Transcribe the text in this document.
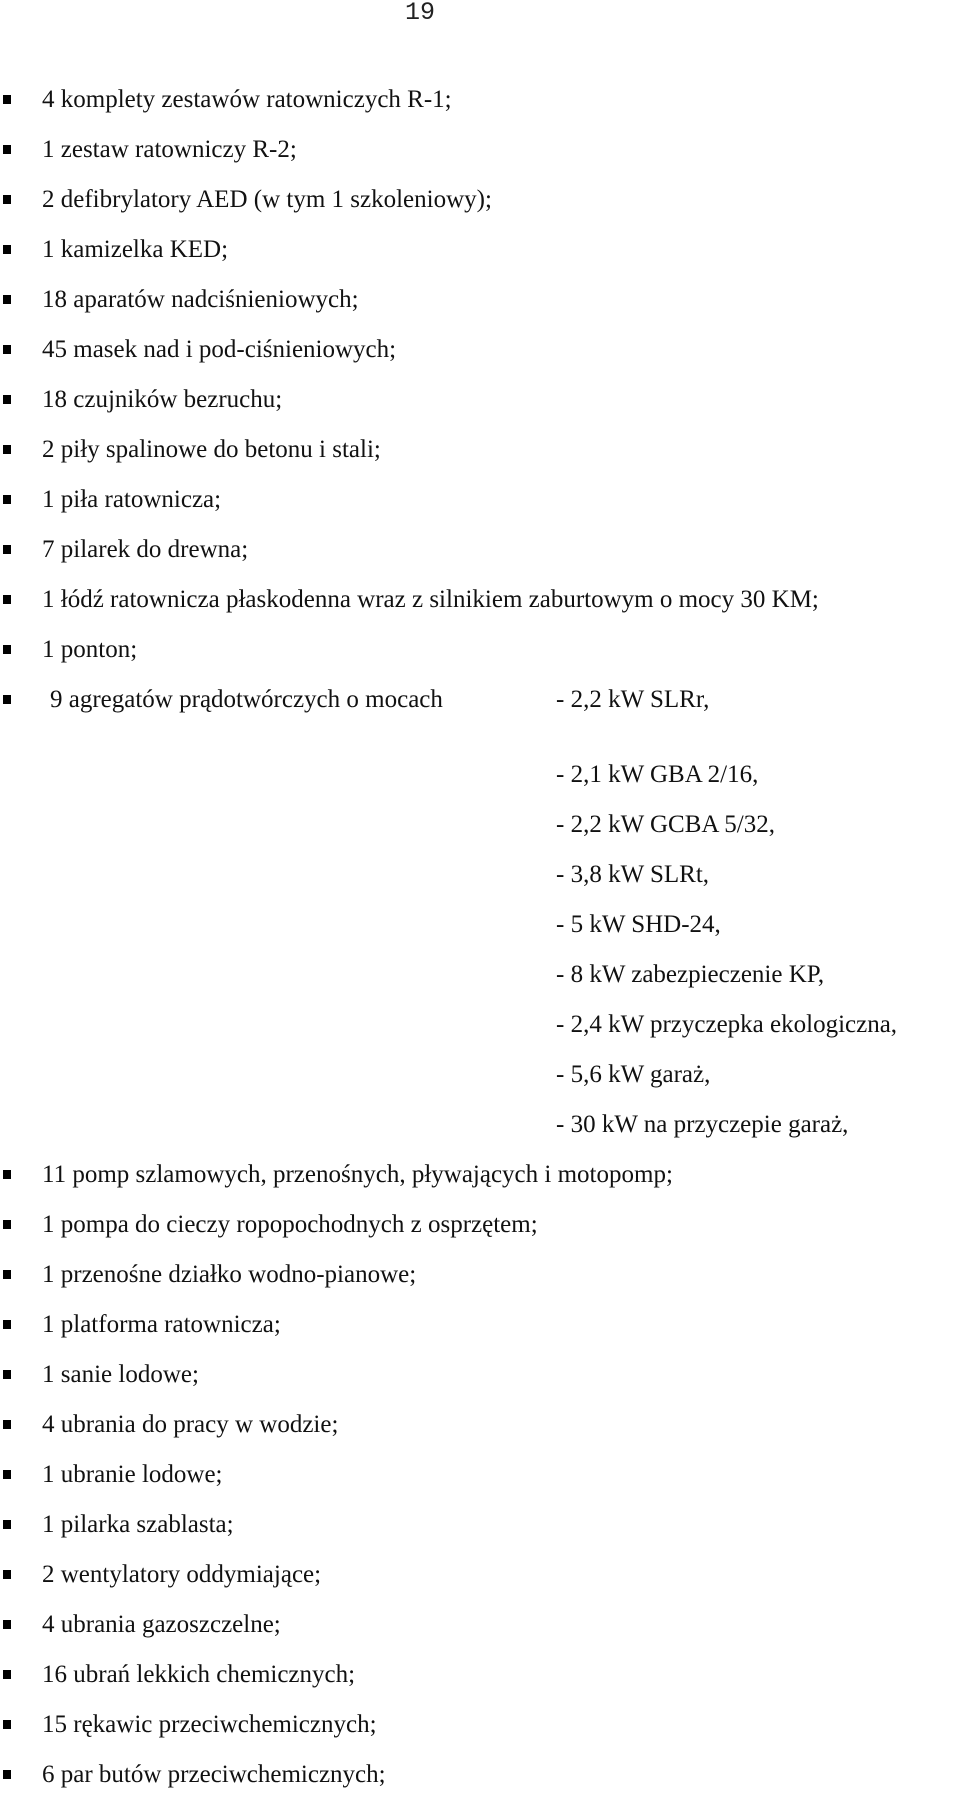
19
4 komplety zestawów ratowniczych R-1;
1 zestaw ratowniczy R-2;
2 defibrylatory AED (w tym 1 szkoleniowy);
1 kamizelka KED;
18 aparatów nadciśnieniowych;
45 masek nad i pod-ciśnieniowych;
18 czujników bezruchu;
2 piły spalinowe do betonu i stali;
1 piła ratownicza;
7 pilarek do drewna;
1 łódź ratownicza płaskodenna wraz z silnikiem zaburtowym o mocy 30 KM;
1 ponton;
9 agregatów prądotwórczych o mocach	- 2,2 kW SLRr,
- 2,1 kW GBA 2/16,
- 2,2 kW GCBA 5/32,
- 3,8 kW SLRt,
- 5 kW SHD-24,
- 8 kW zabezpieczenie KP,
- 2,4 kW przyczepka ekologiczna,
- 5,6 kW garaż,
- 30 kW na przyczepie garaż,
11 pomp szlamowych, przenośnych, pływających i motopomp;
1 pompa do cieczy ropopochodnych z osprzętem;
1 przenośne działko wodno-pianowe;
1 platforma ratownicza;
1 sanie lodowe;
4 ubrania do pracy w wodzie;
1 ubranie lodowe;
1 pilarka szablasta;
2 wentylatory oddymiające;
4 ubrania gazoszczelne;
16 ubrań lekkich chemicznych;
15 rękawic przeciwchemicznych;
6 par butów przeciwchemicznych;
